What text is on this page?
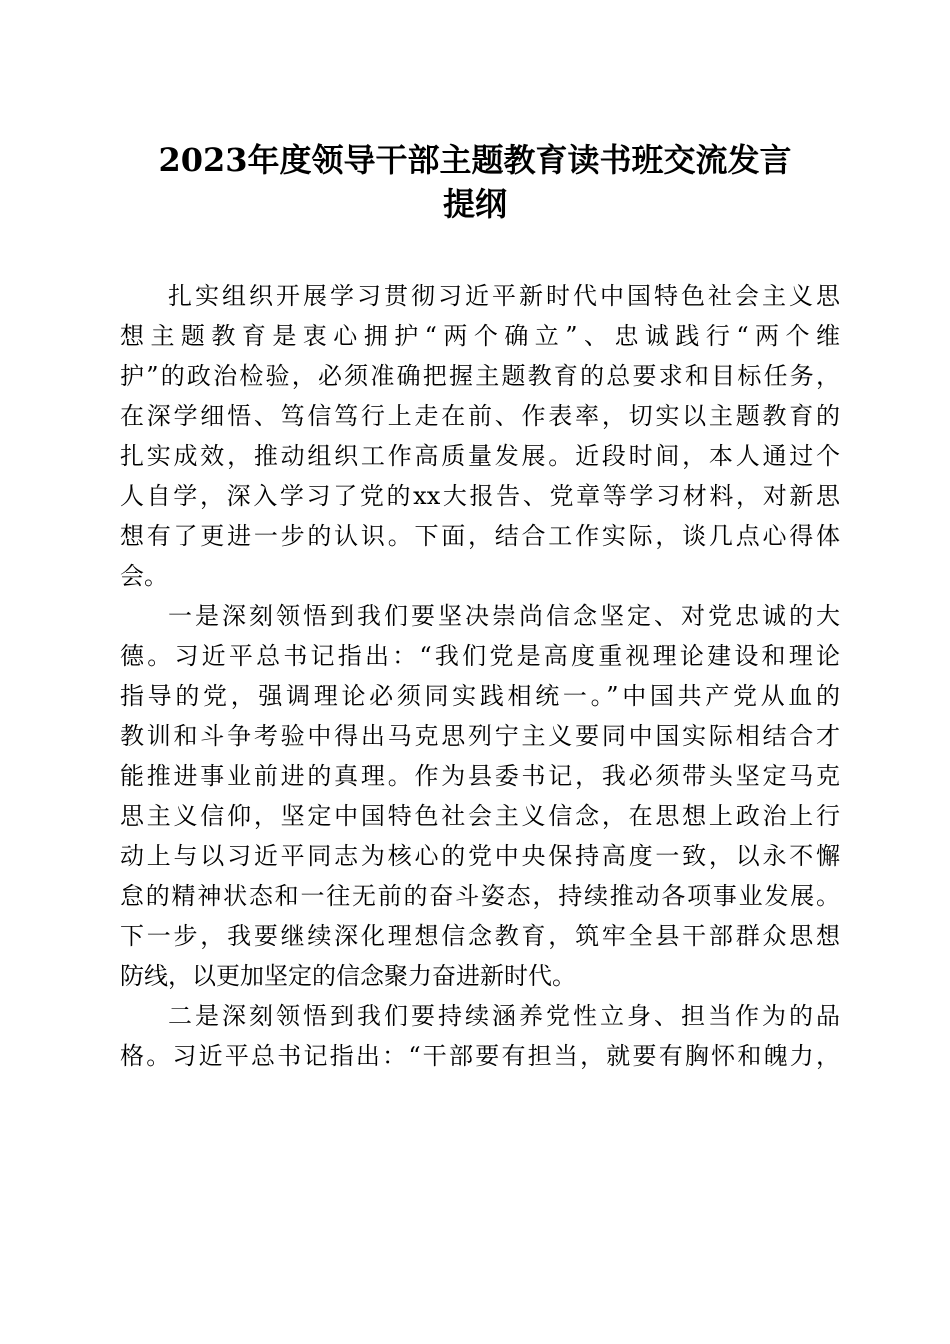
2023年度领导干部主题教育读书班交流发言
提纲
扎实组织开展学习贯彻习近平新时代中国特色社会主义思
想主题教育是衷心拥护“两个确立”、忠诚践行“两个维
护”的政治检验，必须准确把握主题教育的总要求和目标任务，
在深学细悟、笃信笃行上走在前、作表率，切实以主题教育的
扎实成效，推动组织工作高质量发展。近段时间，本人通过个
人自学，深入学习了党的xx大报告、党章等学习材料，对新思
想有了更进一步的认识。下面，结合工作实际，谈几点心得体
会。
一是深刻领悟到我们要坚决崇尚信念坚定、对党忠诚的大
德。习近平总书记指出：“我们党是高度重视理论建设和理论
指导的党，强调理论必须同实践相统一。”中国共产党从血的
教训和斗争考验中得出马克思列宁主义要同中国实际相结合才
能推进事业前进的真理。作为县委书记，我必须带头坚定马克
思主义信仰，坚定中国特色社会主义信念，在思想上政治上行
动上与以习近平同志为核心的党中央保持高度一致，以永不懈
怠的精神状态和一往无前的奋斗姿态，持续推动各项事业发展。
下一步，我要继续深化理想信念教育，筑牢全县干部群众思想
防线，以更加坚定的信念聚力奋进新时代。
二是深刻领悟到我们要持续涵养党性立身、担当作为的品
格。习近平总书记指出：“干部要有担当，就要有胸怀和魄力，
